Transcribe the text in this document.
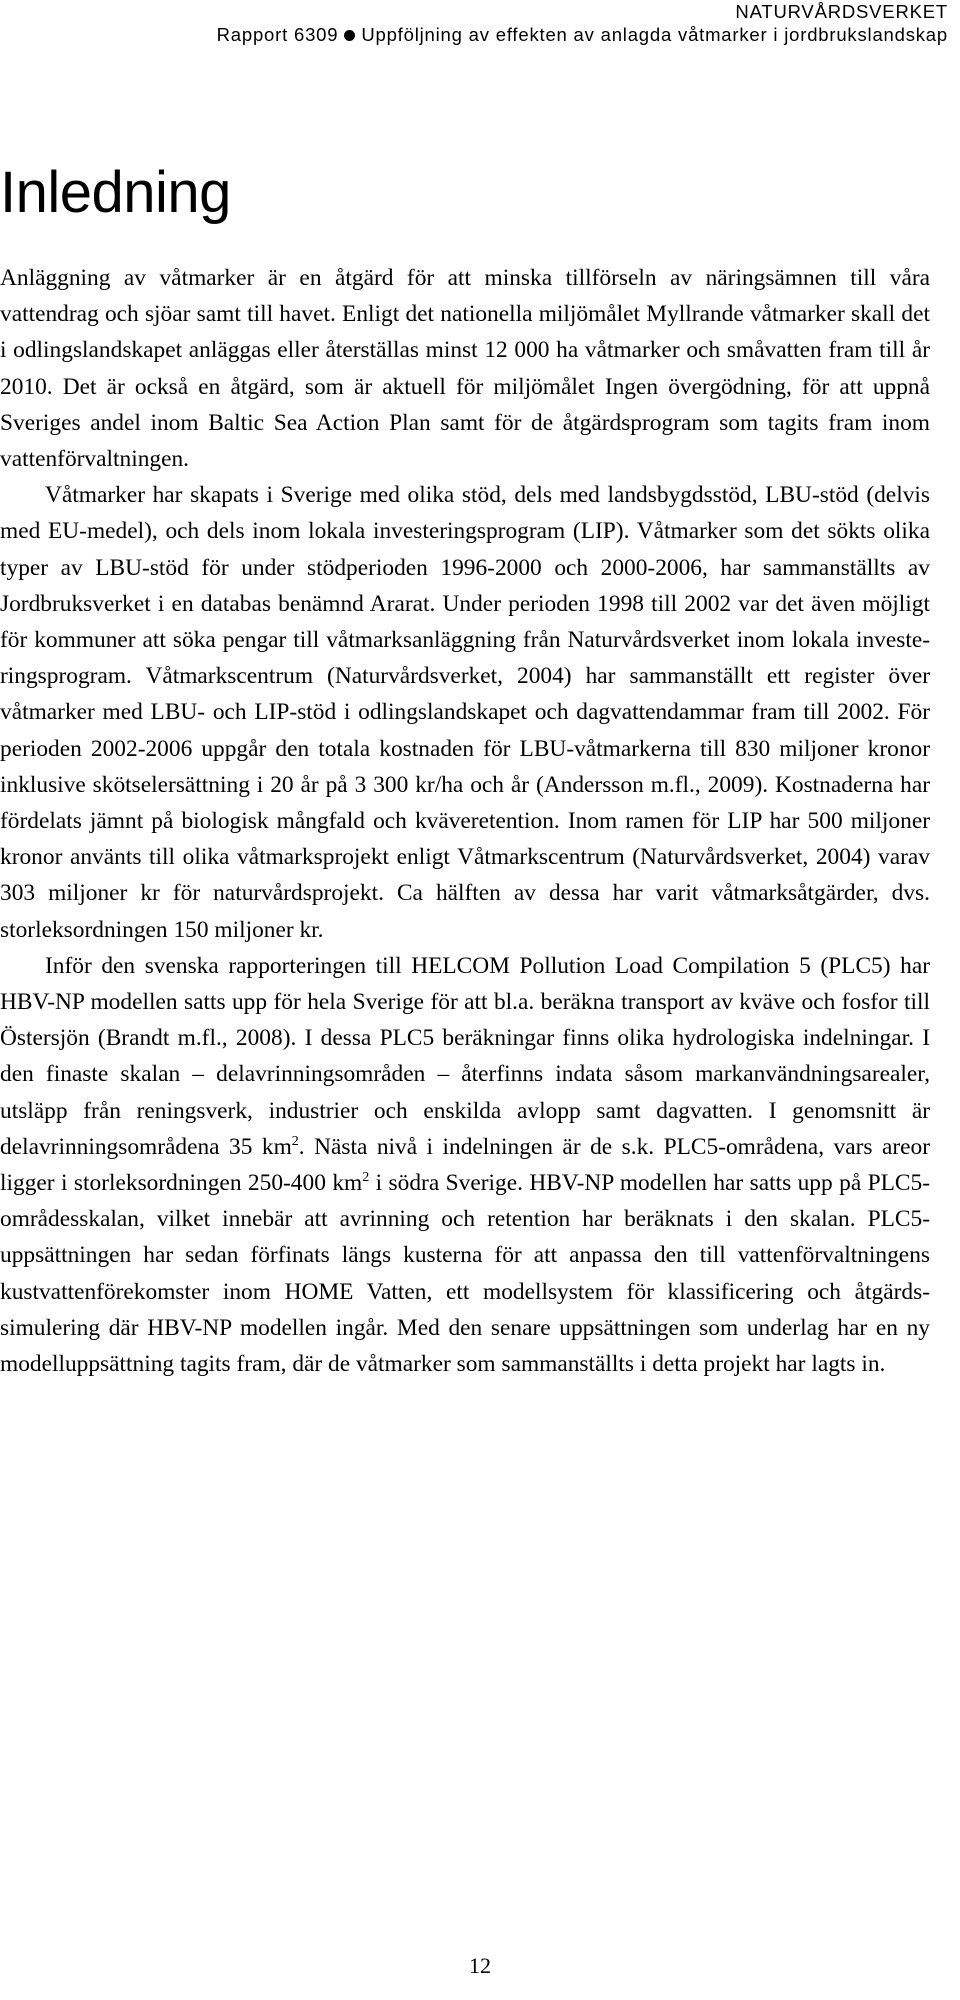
NATURVÅRDSVERKET
Rapport 6309 Uppföljning av effekten av anlagda våtmarker i jordbrukslandskap
Inledning

Anläggning av våtmarker är en åtgärd för att minska tillförseln av näringsämnen till våra vattendrag och sjöar samt till havet. Enligt det nationella miljömålet Myllrande våtmarker skall det i odlingslandskapet anläggas eller återställas minst 12 000 ha våtmarker och småvatten fram till år 2010. Det är också en åtgärd, som är aktuell för miljömålet Ingen övergödning, för att uppnå Sveriges andel inom Baltic Sea Action Plan samt för de åtgärdsprogram som tagits fram inom vattenförvaltningen.

Våtmarker har skapats i Sverige med olika stöd, dels med landsbygdsstöd, LBU-stöd (delvis med EU-medel), och dels inom lokala investeringsprogram (LIP). Våtmarker som det sökts olika typer av LBU-stöd för under stödperioden 1996-2000 och 2000-2006, har sammanställts av Jordbruksverket i en databas benämnd Ararat. Under perioden 1998 till 2002 var det även möjligt för kommuner att söka pengar till våtmarksanläggning från Naturvårdsverket inom lokala investeringsprogram. Våtmarkscentrum (Naturvårdsverket, 2004) har sammanställt ett register över våtmarker med LBU- och LIP-stöd i odlingslandskapet och dagvattendammar fram till 2002. För perioden 2002-2006 uppgår den totala kostnaden för LBU-våtmarkerna till 830 miljoner kronor inklusive skötselersättning i 20 år på 3 300 kr/ha och år (Andersson m.fl., 2009). Kostnaderna har fördelats jämnt på biologisk mångfald och kväveretention. Inom ramen för LIP har 500 miljoner kronor använts till olika våtmarksprojekt enligt Våtmarkscentrum (Naturvårdsverket, 2004) varav 303 miljoner kr för naturvårdsprojekt. Ca hälften av dessa har varit våtmarksåtgärder, dvs. storleksordningen 150 miljoner kr.

Inför den svenska rapporteringen till HELCOM Pollution Load Compilation 5 (PLC5) har HBV-NP modellen satts upp för hela Sverige för att bl.a. beräkna transport av kväve och fosfor till Östersjön (Brandt m.fl., 2008). I dessa PLC5 beräkningar finns olika hydrologiska indelningar. I den finaste skalan – delavrinningsområden – återfinns indata såsom markanvändningsarealer, utsläpp från reningsverk, industrier och enskilda avlopp samt dagvatten. I genomsnitt är delavrinningsområdena 35 $km^2$. Nästa nivå i indelningen är de s.k. PLC5-områdena, vars areor ligger i storleksordningen 250-400 $km^2$ i södra Sverige. HBV-NP modellen har satts upp på PLC5-områdesskalan, vilket innebär att avrinning och retention har beräknats i den skalan. PLC5-uppsättningen har sedan förfinats längs kusterna för att anpassa den till vattenförvaltningens kustvattenförekomster inom HOME Vatten, ett modellsystem för klassificering och åtgärdssimulering där HBV-NP modellen ingår. Med den senare uppsättningen som underlag har en ny modelluppsättning tagits fram, där de våtmarker som sammanställts i detta projekt har lagts in.

12
